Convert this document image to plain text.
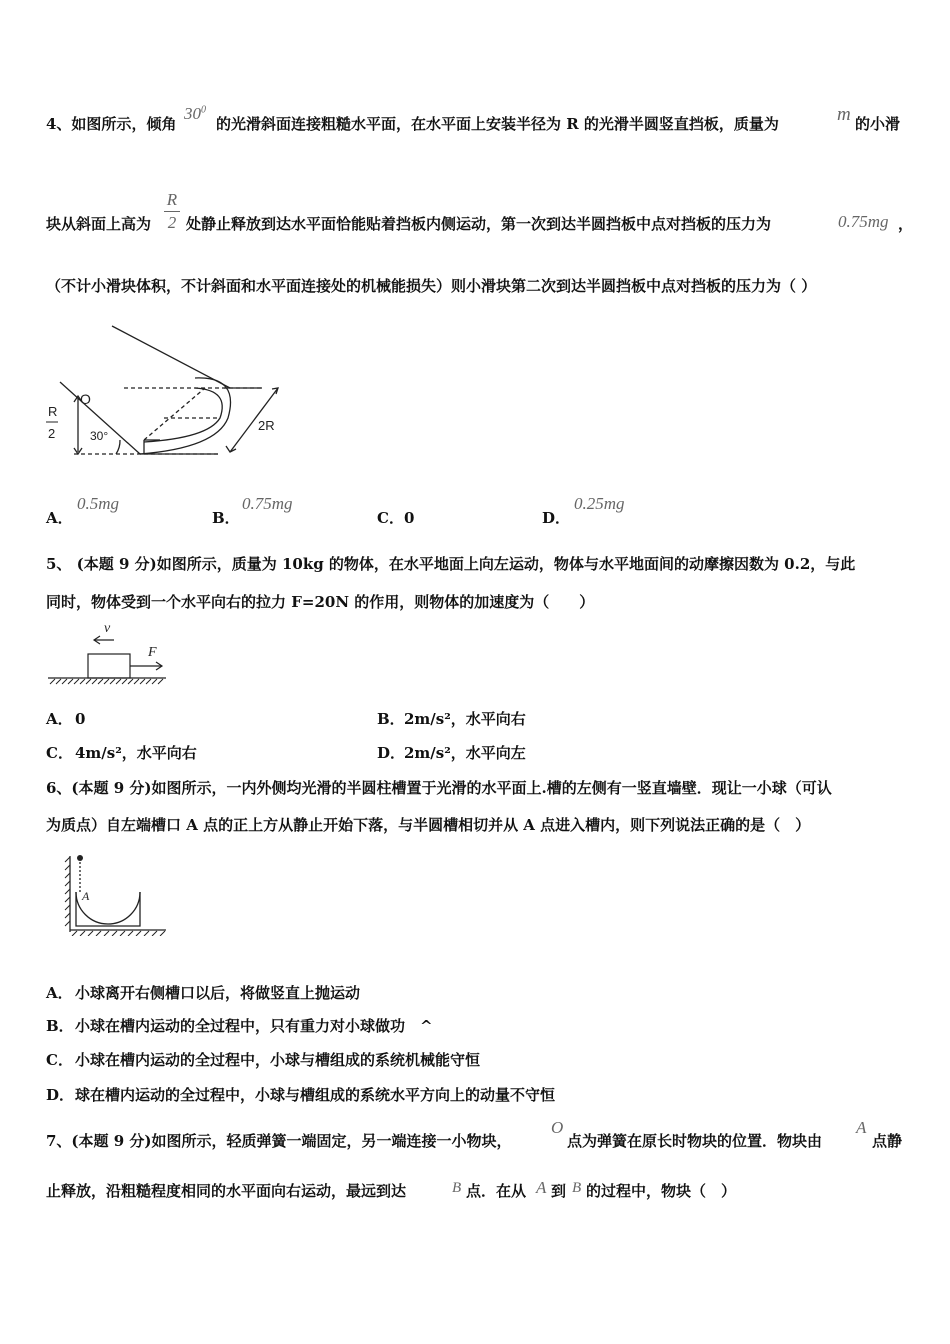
4、如图所示，倾角
$30^0$
的光滑斜面连接粗糙水平面，在水平面上安装半径为 R 的光滑半圆竖直挡板，质量为	m 的小滑
块从斜面上高为
R
2 处静止释放到达水平面恰能贴着挡板内侧运动，第一次到达半圆挡板中点对挡板的压力为	0.75mg ，
（不计小滑块体积，不计斜面和水平面连接处的机械能损失）则小滑块第二次到达半圆挡板中点对挡板的压力为（ ）
O
R
2	30°
2R
A．
0.5mg
B．
0.75mg
C． 0	D．
0.25mg
5、 (本题 9 分)如图所示，质量为 10kg 的物体，在水平地面上向左运动，物体与水平地面间的动摩擦因数为 0.2，与此
同时，物体受到一个水平向右的拉力 F=20N 的作用，则物体的加速度为（　　）
v
F
A． 0	B． 2m/s²，水平向右
C． 4m/s²，水平向右	D．
2m/s²，水平向左
6、(本题 9 分)如图所示，一内外侧均光滑的半圆柱槽置于光滑的水平面上.槽的左侧有一竖直墙壁．现让一小球（可认
为质点）自左端槽口 A 点的正上方从静止开始下落，与半圆槽相切并从 A 点进入槽内，则下列说法正确的是（　）
A
A． 小球离开右侧槽口以后，将做竖直上抛运动
B． 小球在槽内运动的全过程中，只有重力对小球做功　^
C． 小球在槽内运动的全过程中，小球与槽组成的系统机械能守恒
D． 球在槽内运动的全过程中，小球与槽组成的系统水平方向上的动量不守恒
7、(本题 9 分)如图所示，轻质弹簧一端固定，另一端连接一小物块，
O
点为弹簧在原长时物块的位置．物块由
A
点静
止释放，沿粗糙程度相同的水平面向右运动，最远到达	B 点．在从 A 到 B 的过程中，物块（　）
